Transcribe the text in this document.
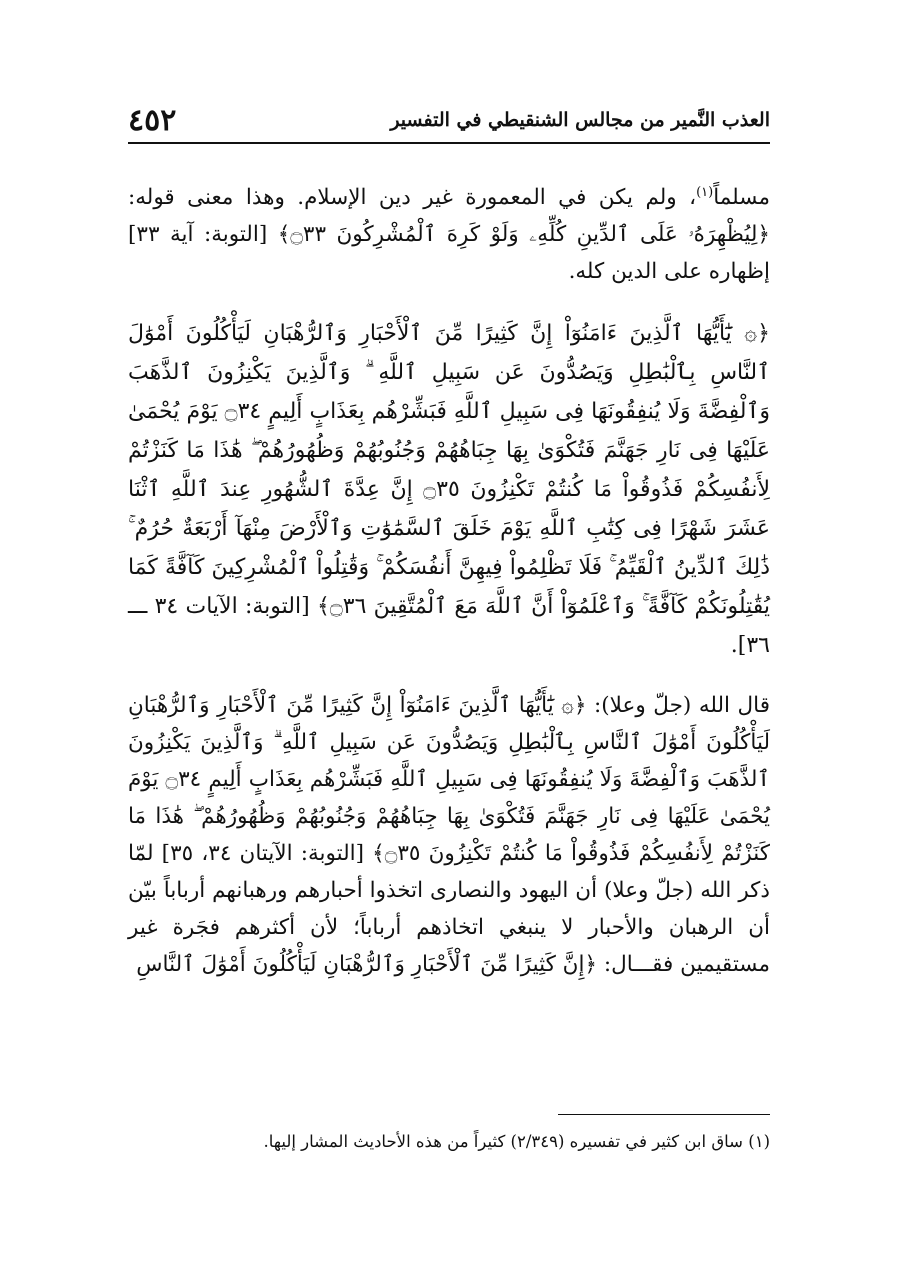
العذب النَّمير من مجالس الشنقيطي في التفسير
٤٥٢

مسلماً$^{(١)}$، ولم يكن في المعمورة غير دين الإسلام. وهذا معنى قوله: ﴿لِيُظْهِرَهُۥ عَلَى ٱلدِّينِ كُلِّهِۦ وَلَوْ كَرِهَ ٱلْمُشْرِكُونَ ۝٣٣﴾ [التوبة: آية ٣٣] إظهاره على الدين كله.

﴿۞ يَٰٓأَيُّهَا ٱلَّذِينَ ءَامَنُوٓاْ إِنَّ كَثِيرًا مِّنَ ٱلْأَحْبَارِ وَٱلرُّهْبَانِ لَيَأْكُلُونَ أَمْوَٰلَ ٱلنَّاسِ بِٱلْبَٰطِلِ وَيَصُدُّونَ عَن سَبِيلِ ٱللَّهِ ۗ وَٱلَّذِينَ يَكْنِزُونَ ٱلذَّهَبَ وَٱلْفِضَّةَ وَلَا يُنفِقُونَهَا فِى سَبِيلِ ٱللَّهِ فَبَشِّرْهُم بِعَذَابٍ أَلِيمٍ ۝٣٤ يَوْمَ يُحْمَىٰ عَلَيْهَا فِى نَارِ جَهَنَّمَ فَتُكْوَىٰ بِهَا جِبَاهُهُمْ وَجُنُوبُهُمْ وَظُهُورُهُمْ ۖ هَٰذَا مَا كَنَزْتُمْ لِأَنفُسِكُمْ فَذُوقُواْ مَا كُنتُمْ تَكْنِزُونَ ۝٣٥ إِنَّ عِدَّةَ ٱلشُّهُورِ عِندَ ٱللَّهِ ٱثْنَا عَشَرَ شَهْرًا فِى كِتَٰبِ ٱللَّهِ يَوْمَ خَلَقَ ٱلسَّمَٰوَٰتِ وَٱلْأَرْضَ مِنْهَآ أَرْبَعَةٌ حُرُمٌ ۚ ذَٰلِكَ ٱلدِّينُ ٱلْقَيِّمُ ۚ فَلَا تَظْلِمُواْ فِيهِنَّ أَنفُسَكُمْ ۚ وَقَٰتِلُواْ ٱلْمُشْرِكِينَ كَآفَّةً كَمَا يُقَٰتِلُونَكُمْ كَآفَّةً ۚ وَٱعْلَمُوٓاْ أَنَّ ٱللَّهَ مَعَ ٱلْمُتَّقِينَ ۝٣٦﴾ [التوبة: الآيات ٣٤ ـــ ٣٦].

قال الله (جلّ وعلا): ﴿۞ يَٰٓأَيُّهَا ٱلَّذِينَ ءَامَنُوٓاْ إِنَّ كَثِيرًا مِّنَ ٱلْأَحْبَارِ وَٱلرُّهْبَانِ لَيَأْكُلُونَ أَمْوَٰلَ ٱلنَّاسِ بِٱلْبَٰطِلِ وَيَصُدُّونَ عَن سَبِيلِ ٱللَّهِ ۗ وَٱلَّذِينَ يَكْنِزُونَ ٱلذَّهَبَ وَٱلْفِضَّةَ وَلَا يُنفِقُونَهَا فِى سَبِيلِ ٱللَّهِ فَبَشِّرْهُم بِعَذَابٍ أَلِيمٍ ۝٣٤ يَوْمَ يُحْمَىٰ عَلَيْهَا فِى نَارِ جَهَنَّمَ فَتُكْوَىٰ بِهَا جِبَاهُهُمْ وَجُنُوبُهُمْ وَظُهُورُهُمْ ۖ هَٰذَا مَا كَنَزْتُمْ لِأَنفُسِكُمْ فَذُوقُواْ مَا كُنتُمْ تَكْنِزُونَ ۝٣٥﴾ [التوبة: الآيتان ٣٤، ٣٥] لمّا ذكر الله (جلّ وعلا) أن اليهود والنصارى اتخذوا أحبارهم ورهبانهم أرباباً بيّن أن الرهبان والأحبار لا ينبغي اتخاذهم أرباباً؛ لأن أكثرهم فجَرة غير مستقيمين فقـــال: ﴿إِنَّ كَثِيرًا مِّنَ ٱلْأَحْبَارِ وَٱلرُّهْبَانِ لَيَأْكُلُونَ أَمْوَٰلَ ٱلنَّاسِ

(١) ساق ابن كثير في تفسيره (٢/٣٤٩) كثيراً من هذه الأحاديث المشار إليها.
